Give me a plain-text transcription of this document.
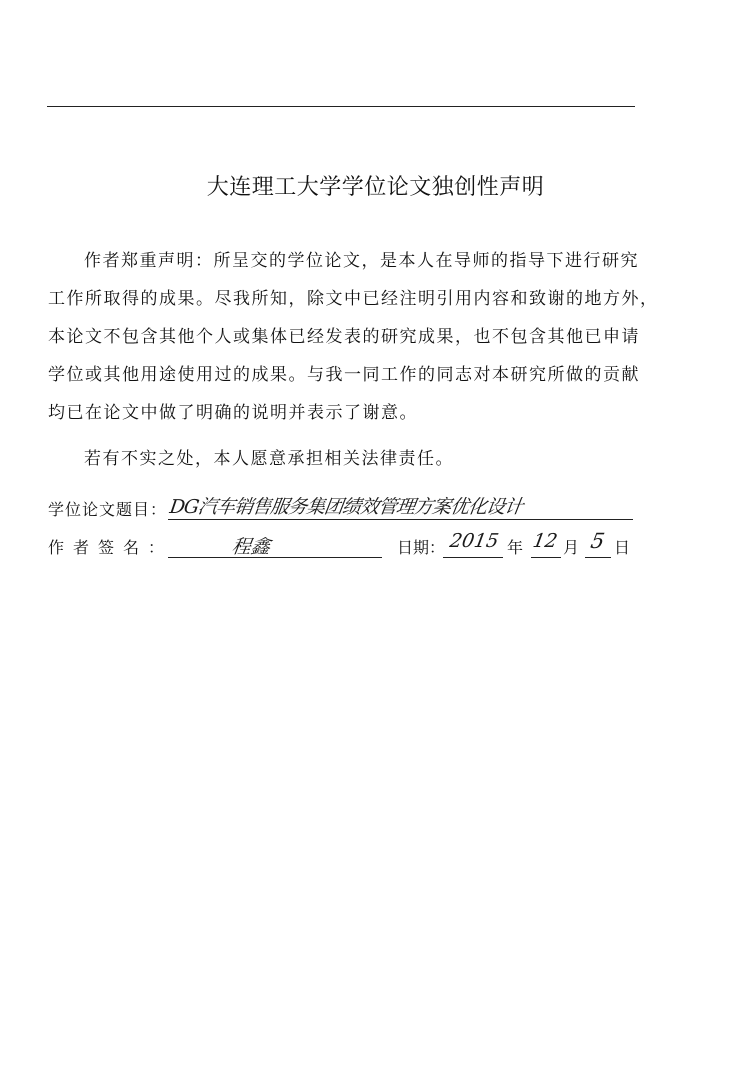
大连理工大学学位论文独创性声明
作者郑重声明：所呈交的学位论文，是本人在导师的指导下进行研究
工作所取得的成果。尽我所知，除文中已经注明引用内容和致谢的地方外，
本论文不包含其他个人或集体已经发表的研究成果，也不包含其他已申请
学位或其他用途使用过的成果。与我一同工作的同志对本研究所做的贡献
均已在论文中做了明确的说明并表示了谢意。
若有不实之处，本人愿意承担相关法律责任。
学位论文题目： DG汽车销售服务集团绩效管理方案优化设计
作者签名：	程鑫	日期： 2015 年 12 月 5 日
